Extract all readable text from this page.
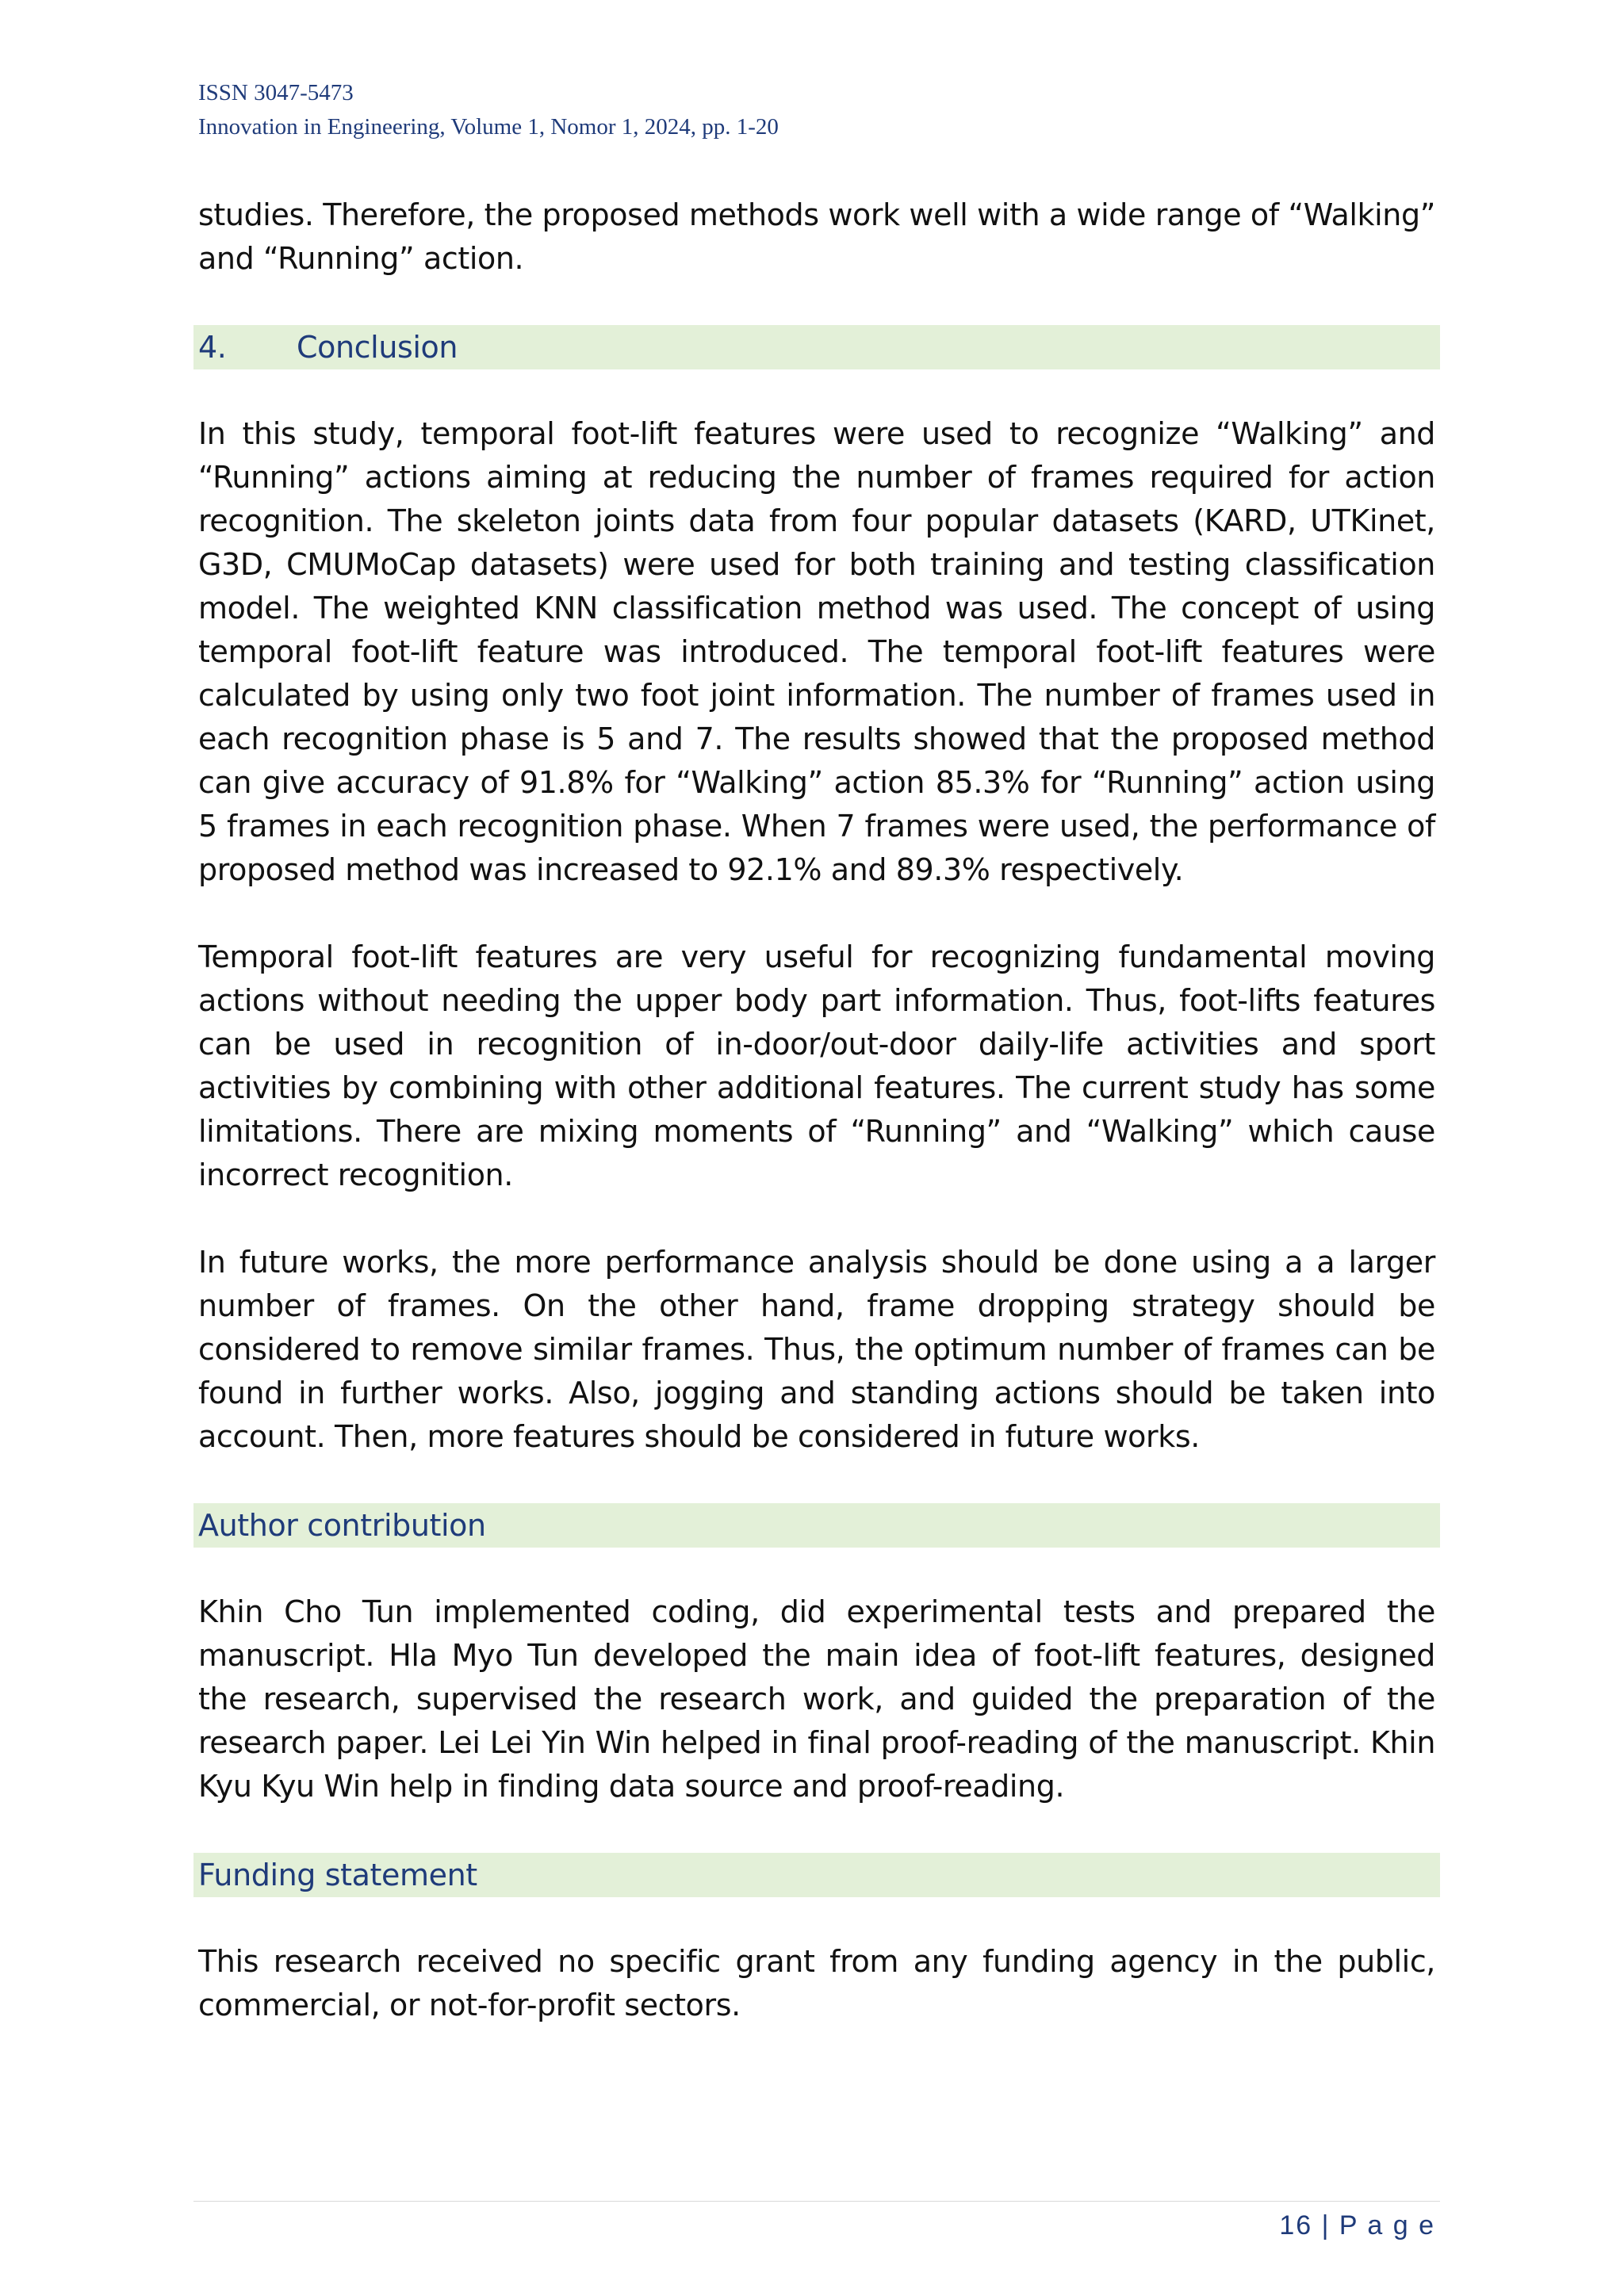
ISSN 3047-5473
Innovation in Engineering, Volume 1, Nomor 1, 2024, pp. 1-20

studies. Therefore, the proposed methods work well with a wide range of “Walking” and “Running” action.

4.	Conclusion

In this study, temporal foot-lift features were used to recognize “Walking” and “Running” actions aiming at reducing the number of frames required for action recognition. The skeleton joints data from four popular datasets (KARD, UTKinet, G3D, CMUMoCap datasets) were used for both training and testing classification model. The weighted KNN classification method was used. The concept of using temporal foot-lift feature was introduced. The temporal foot-lift features were calculated by using only two foot joint information. The number of frames used in each recognition phase is 5 and 7. The results showed that the proposed method can give accuracy of 91.8% for “Walking” action 85.3% for “Running” action using 5 frames in each recognition phase. When 7 frames were used, the performance of proposed method was increased to 92.1% and 89.3% respectively.

Temporal foot-lift features are very useful for recognizing fundamental moving actions without needing the upper body part information. Thus, foot-lifts features can be used in recognition of in-door/out-door daily-life activities and sport activities by combining with other additional features. The current study has some limitations. There are mixing moments of “Running” and “Walking” which cause incorrect recognition.

In future works, the more performance analysis should be done using a a larger number of frames. On the other hand, frame dropping strategy should be considered to remove similar frames. Thus, the optimum number of frames can be found in further works. Also, jogging and standing actions should be taken into account. Then, more features should be considered in future works.

Author contribution

Khin Cho Tun implemented coding, did experimental tests and prepared the manuscript. Hla Myo Tun developed the main idea of foot-lift features, designed the research, supervised the research work, and guided the preparation of the research paper. Lei Lei Yin Win helped in final proof-reading of the manuscript. Khin Kyu Kyu Win help in finding data source and proof-reading.

Funding statement

This research received no specific grant from any funding agency in the public, commercial, or not-for-profit sectors.

16 | P a g e
